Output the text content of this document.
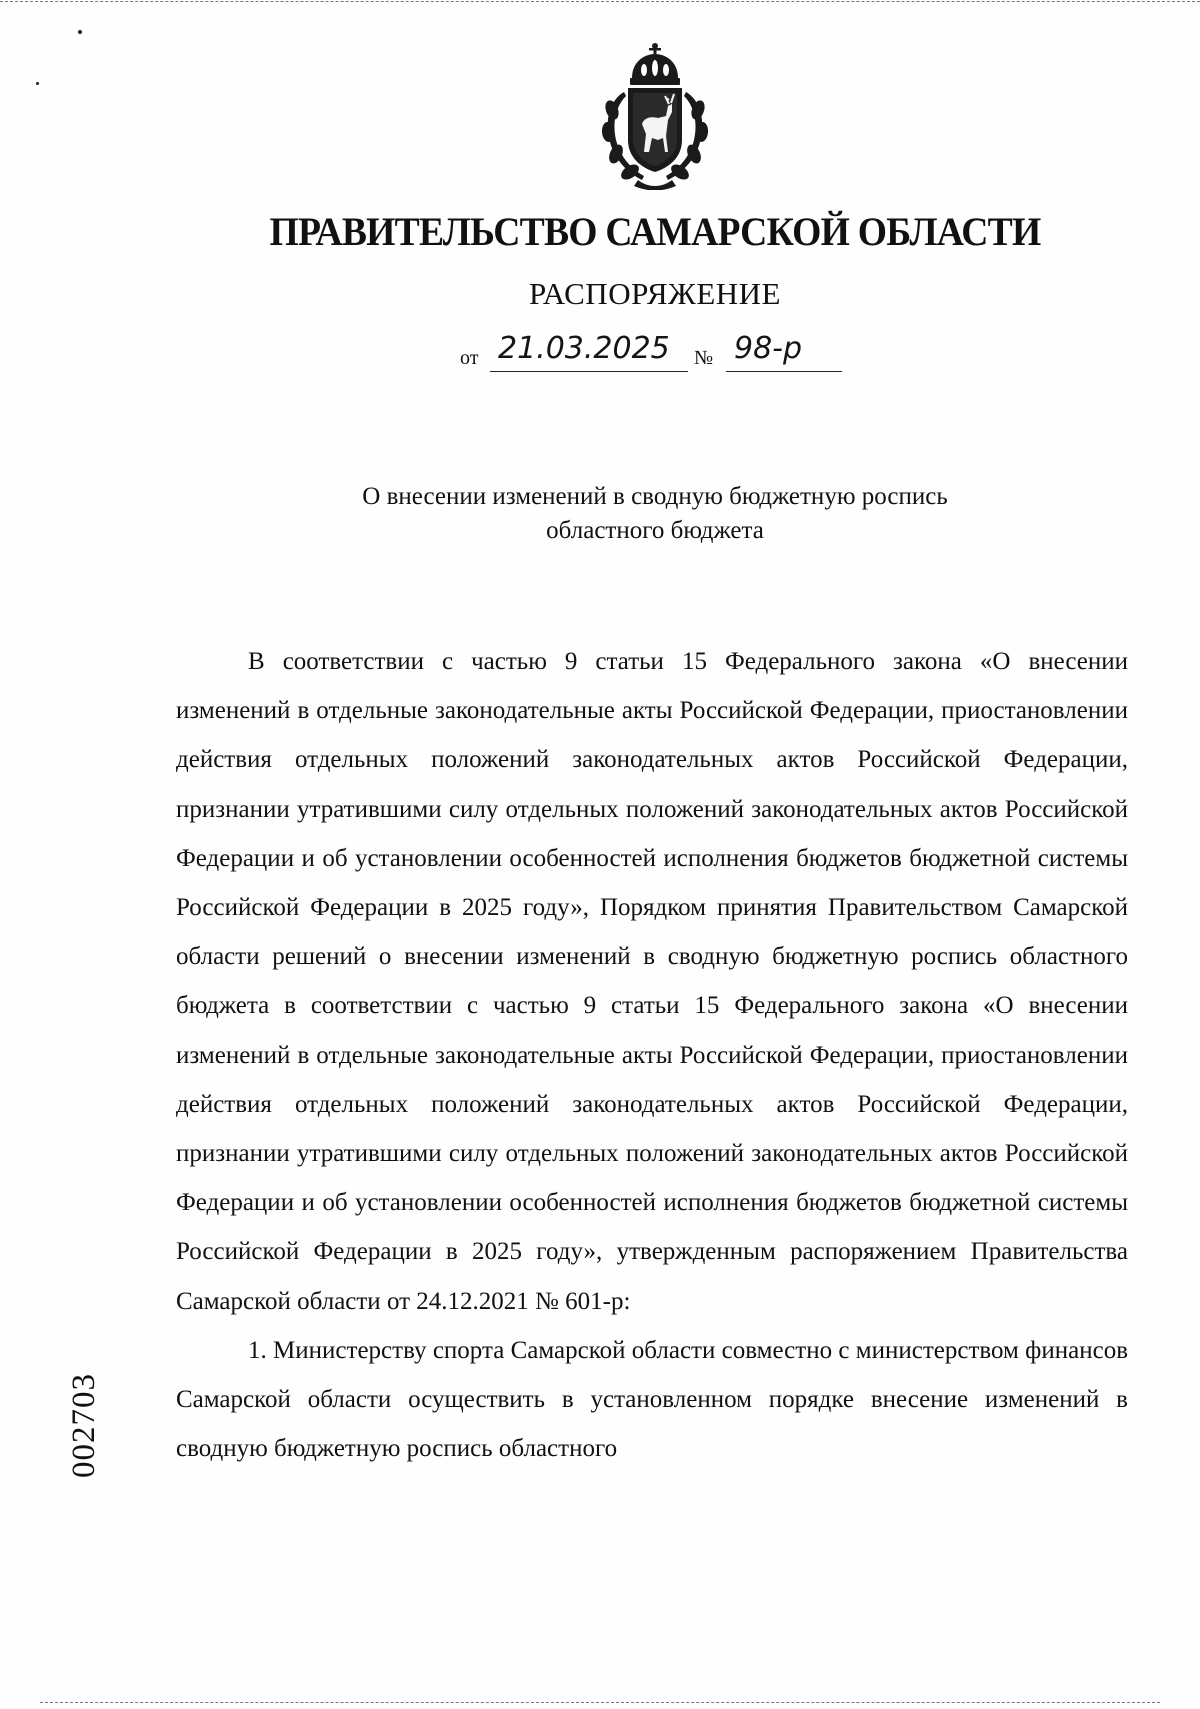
ПРАВИТЕЛЬСТВО САМАРСКОЙ ОБЛАСТИ
РАСПОРЯЖЕНИЕ
от 21.03.2025 № 98-р
О внесении изменений в сводную бюджетную роспись
областного бюджета

В соответствии с частью 9 статьи 15 Федерального закона «О внесении изменений в отдельные законодательные акты Российской Федерации, приостановлении действия отдельных положений законодательных актов Российской Федерации, признании утратившими силу отдельных положений законодательных актов Российской Федерации и об установлении особенностей исполнения бюджетов бюджетной системы Российской Федерации в 2025 году», Порядком принятия Правительством Самарской области решений о внесении изменений в сводную бюджетную роспись областного бюджета в соответствии с частью 9 статьи 15 Федерального закона «О внесении изменений в отдельные законодательные акты Российской Федерации, приостановлении действия отдельных положений законодательных актов Российской Федерации, признании утратившими силу отдельных положений законодательных актов Российской Федерации и об установлении особенностей исполнения бюджетов бюджетной системы Российской Федерации в 2025 году», утвержденным распоряжением Правительства Самарской области от 24.12.2021 № 601-р:

1. Министерству спорта Самарской области совместно с министерством финансов Самарской области осуществить в установленном порядке внесение изменений в сводную бюджетную роспись областного

002703
